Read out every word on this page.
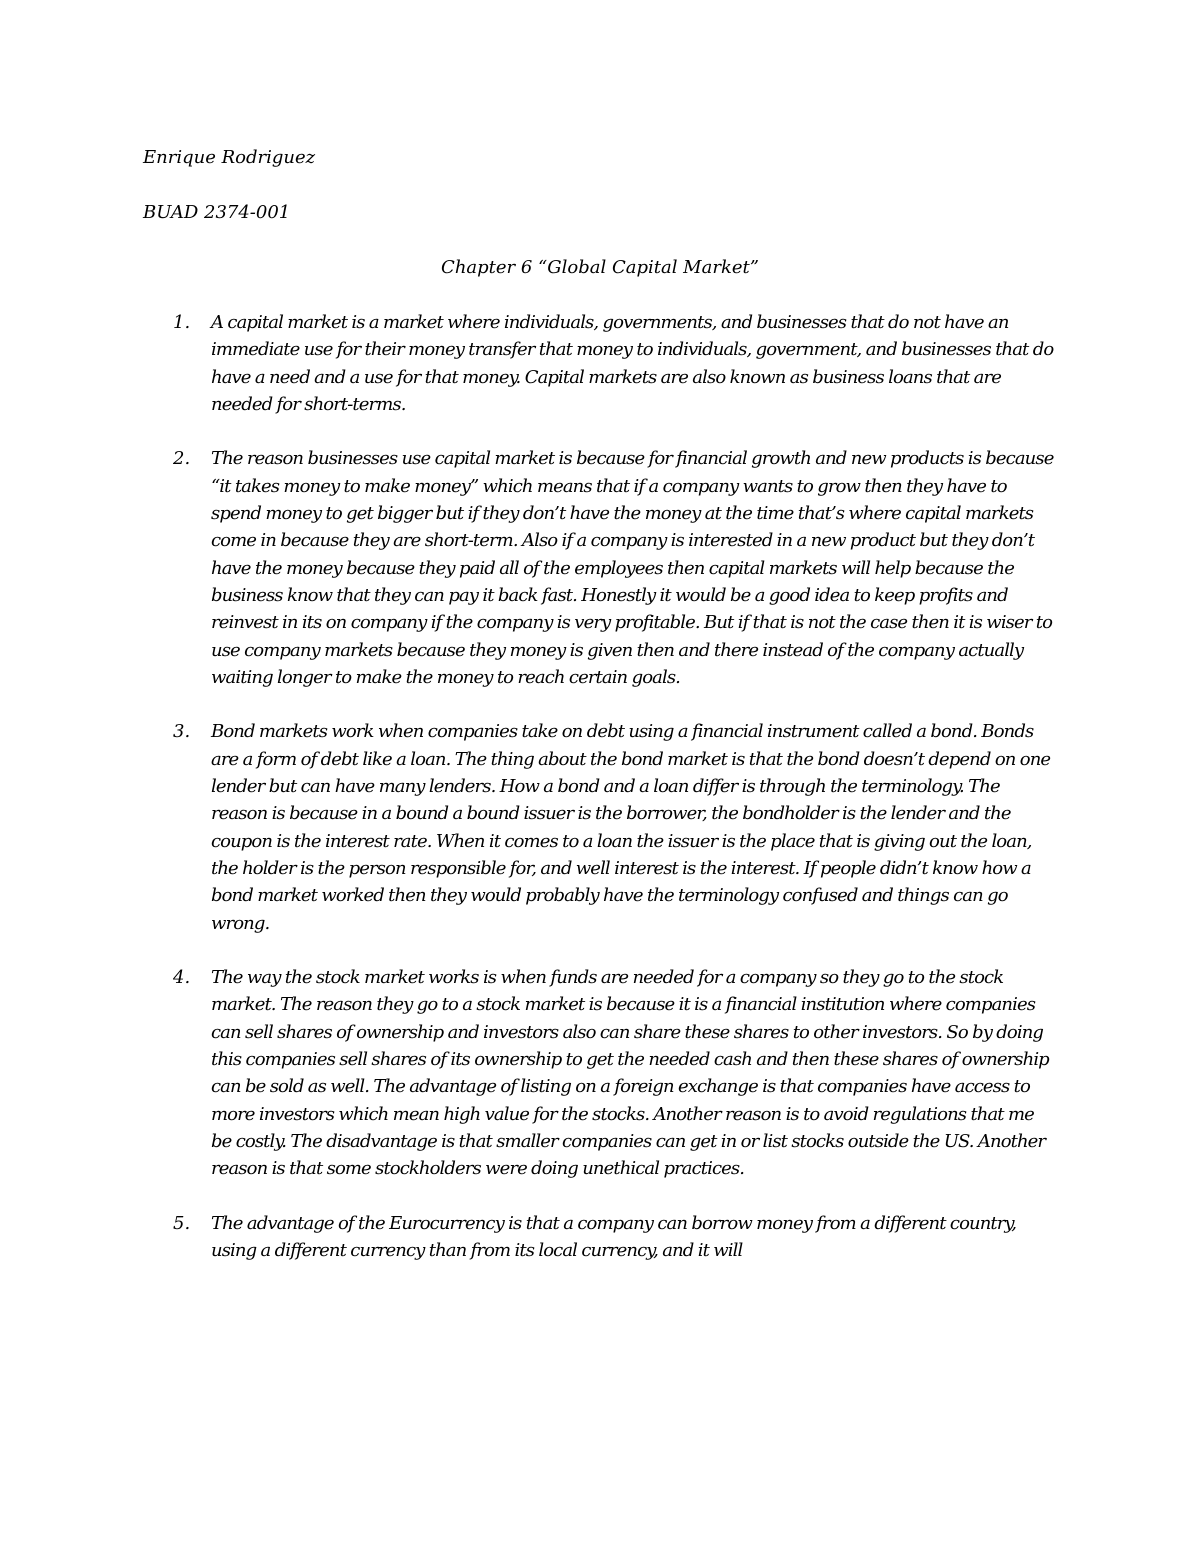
Enrique Rodriguez
BUAD 2374-001
Chapter 6 “Global Capital Market”
1. A capital market is a market where individuals, governments, and businesses that do not have an immediate use for their money transfer that money to individuals, government, and businesses that do have a need and a use for that money. Capital markets are also known as business loans that are needed for short-terms.
2. The reason businesses use capital market is because for financial growth and new products is because “it takes money to make money” which means that if a company wants to grow then they have to spend money to get bigger but if they don’t have the money at the time that’s where capital markets come in because they are short-term. Also if a company is interested in a new product but they don’t have the money because they paid all of the employees then capital markets will help because the business know that they can pay it back fast. Honestly it would be a good idea to keep profits and reinvest in its on company if the company is very profitable. But if that is not the case then it is wiser to use company markets because they money is given then and there instead of the company actually waiting longer to make the money to reach certain goals.
3. Bond markets work when companies take on debt using a financial instrument called a bond. Bonds are a form of debt like a loan. The thing about the bond market is that the bond doesn’t depend on one lender but can have many lenders. How a bond and a loan differ is through the terminology. The reason is because in a bound a bound issuer is the borrower, the bondholder is the lender and the coupon is the interest rate. When it comes to a loan the issuer is the place that is giving out the loan, the holder is the person responsible for, and well interest is the interest. If people didn’t know how a bond market worked then they would probably have the terminology confused and things can go wrong.
4. The way the stock market works is when funds are needed for a company so they go to the stock market. The reason they go to a stock market is because it is a financial institution where companies can sell shares of ownership and investors also can share these shares to other investors. So by doing this companies sell shares of its ownership to get the needed cash and then these shares of ownership can be sold as well. The advantage of listing on a foreign exchange is that companies have access to more investors which mean high value for the stocks. Another reason is to avoid regulations that me be costly. The disadvantage is that smaller companies can get in or list stocks outside the US. Another reason is that some stockholders were doing unethical practices.
5. The advantage of the Eurocurrency is that a company can borrow money from a different country, using a different currency than from its local currency, and it will
